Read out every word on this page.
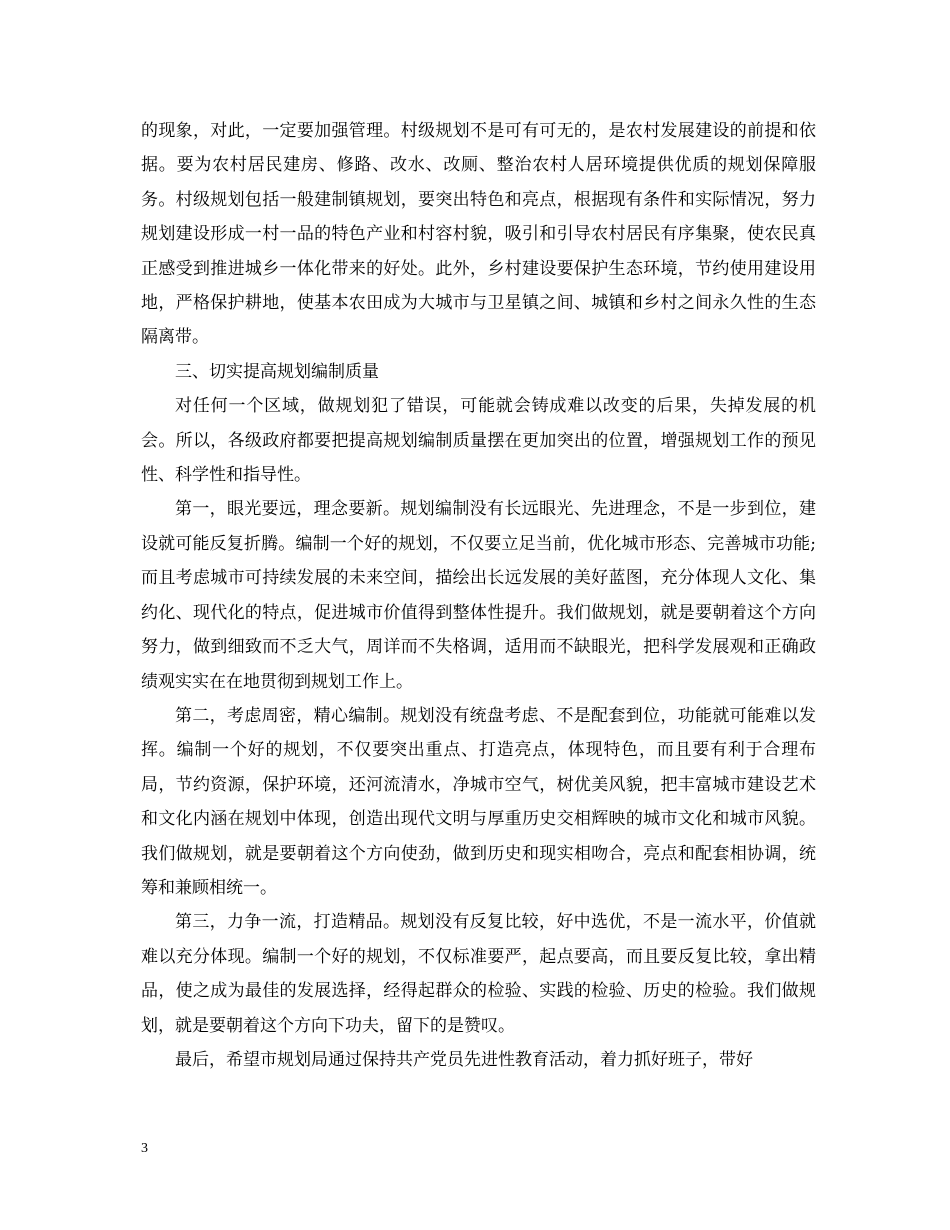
的现象，对此，一定要加强管理。村级规划不是可有可无的，是农村发展建设的前提和依据。要为农村居民建房、修路、改水、改厕、整治农村人居环境提供优质的规划保障服务。村级规划包括一般建制镇规划，要突出特色和亮点，根据现有条件和实际情况，努力规划建设形成一村一品的特色产业和村容村貌，吸引和引导农村居民有序集聚，使农民真正感受到推进城乡一体化带来的好处。此外，乡村建设要保护生态环境，节约使用建设用地，严格保护耕地，使基本农田成为大城市与卫星镇之间、城镇和乡村之间永久性的生态隔离带。

三、切实提高规划编制质量

对任何一个区域，做规划犯了错误，可能就会铸成难以改变的后果，失掉发展的机会。所以，各级政府都要把提高规划编制质量摆在更加突出的位置，增强规划工作的预见性、科学性和指导性。

第一，眼光要远，理念要新。规划编制没有长远眼光、先进理念，不是一步到位，建设就可能反复折腾。编制一个好的规划，不仅要立足当前，优化城市形态、完善城市功能;而且考虑城市可持续发展的未来空间，描绘出长远发展的美好蓝图，充分体现人文化、集约化、现代化的特点，促进城市价值得到整体性提升。我们做规划，就是要朝着这个方向努力，做到细致而不乏大气，周详而不失格调，适用而不缺眼光，把科学发展观和正确政绩观实实在在地贯彻到规划工作上。

第二，考虑周密，精心编制。规划没有统盘考虑、不是配套到位，功能就可能难以发挥。编制一个好的规划，不仅要突出重点、打造亮点，体现特色，而且要有利于合理布局，节约资源，保护环境，还河流清水，净城市空气，树优美风貌，把丰富城市建设艺术和文化内涵在规划中体现，创造出现代文明与厚重历史交相辉映的城市文化和城市风貌。我们做规划，就是要朝着这个方向使劲，做到历史和现实相吻合，亮点和配套相协调，统筹和兼顾相统一。

第三，力争一流，打造精品。规划没有反复比较，好中选优，不是一流水平，价值就难以充分体现。编制一个好的规划，不仅标准要严，起点要高，而且要反复比较，拿出精品，使之成为最佳的发展选择，经得起群众的检验、实践的检验、历史的检验。我们做规划，就是要朝着这个方向下功夫，留下的是赞叹。

最后，希望市规划局通过保持共产党员先进性教育活动，着力抓好班子，带好

3
